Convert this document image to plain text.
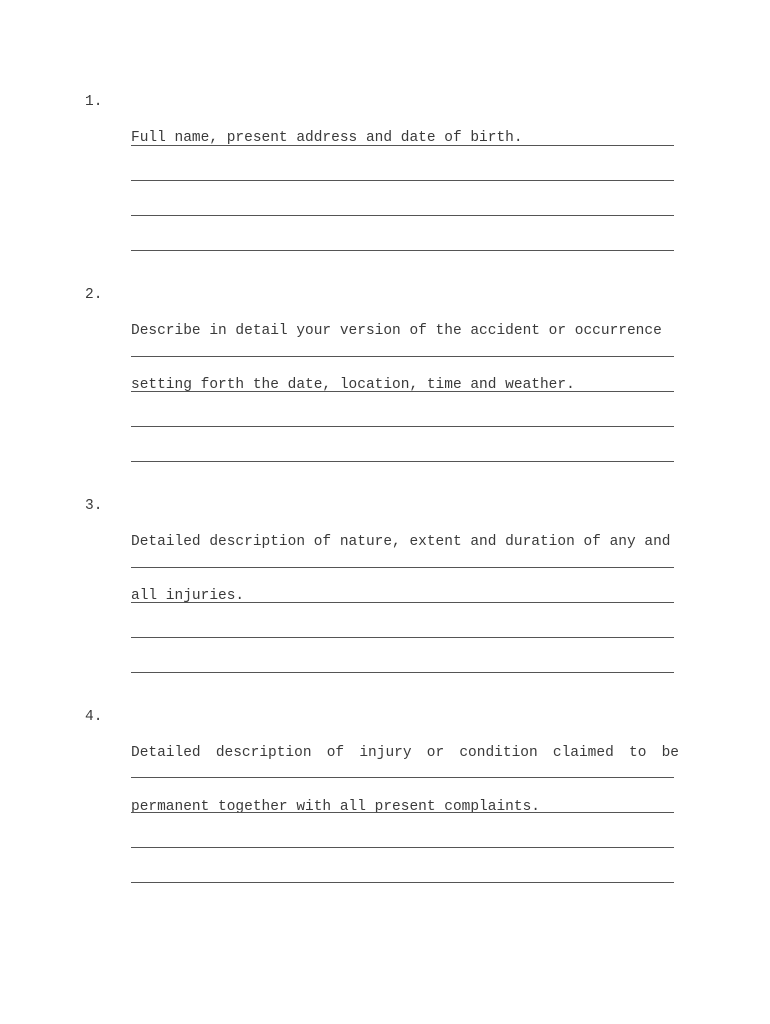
1.

Full name, present address and date of birth.

2.

Describe in detail your version of the accident or occurrence

setting forth the date, location, time and weather.

3.

Detailed description of nature, extent and duration of any and

all injuries.

4.

Detailed description of injury or condition claimed to be

permanent together with all present complaints.
